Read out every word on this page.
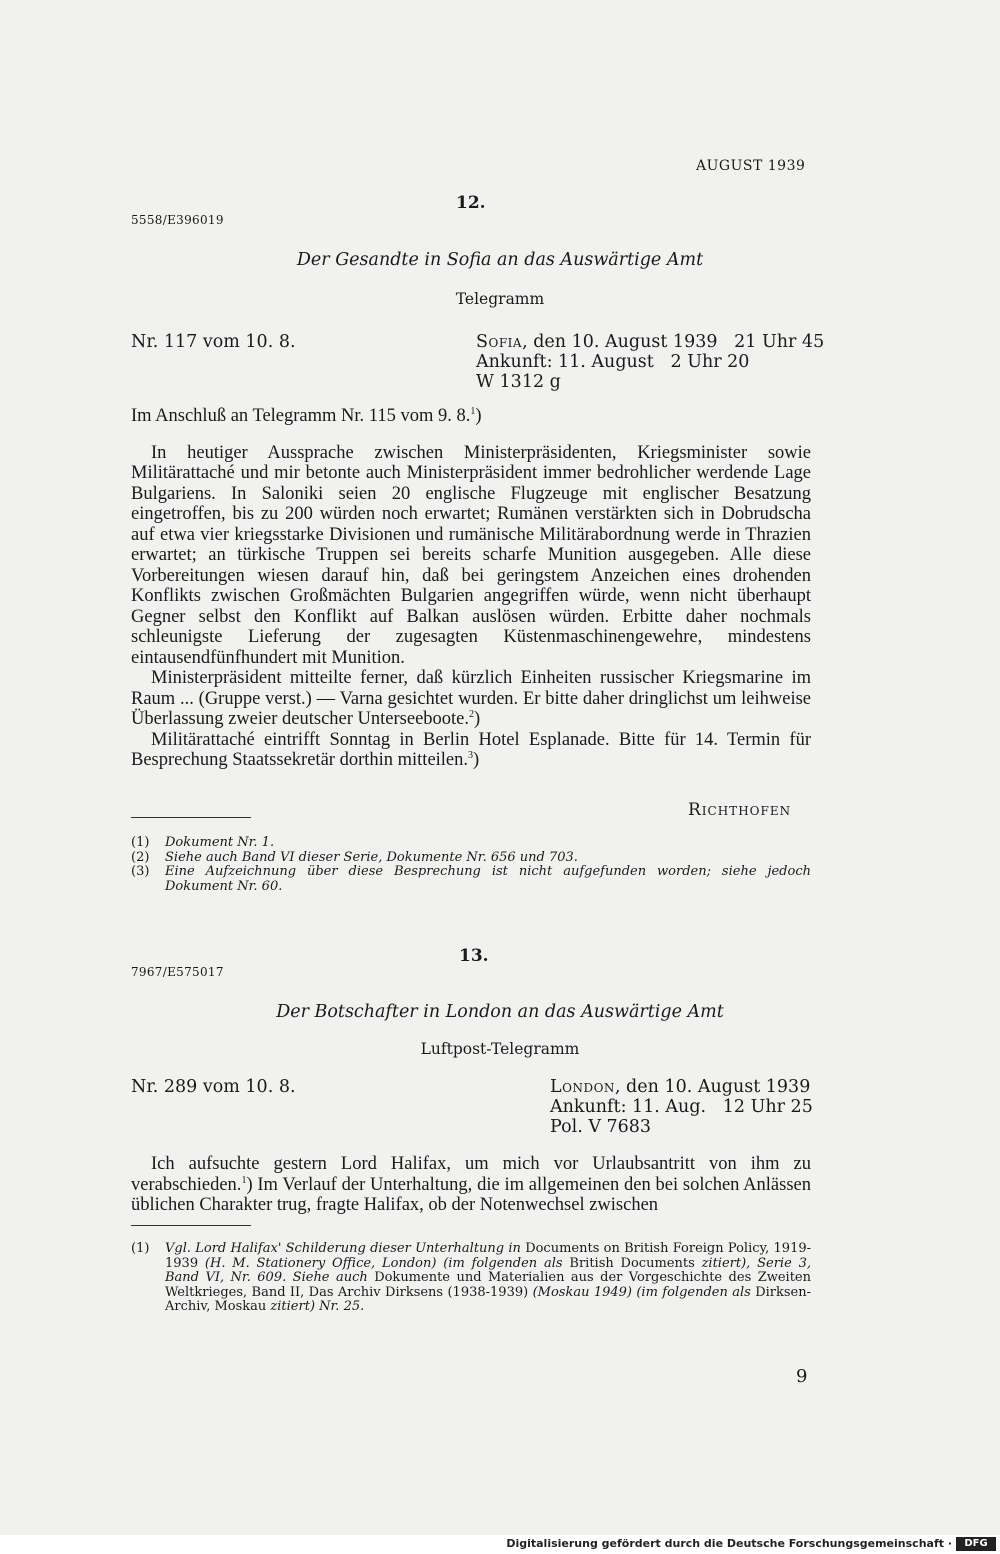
AUGUST 1939
12.
5558/E396019
Der Gesandte in Sofia an das Auswärtige Amt
Telegramm
Nr. 117 vom 10. 8.	Sofia, den 10. August 1939   21 Uhr 45
Ankunft: 11. August   2 Uhr 20
W 1312 g

Im Anschluß an Telegramm Nr. 115 vom 9. 8.$^1$)

In heutiger Aussprache zwischen Ministerpräsidenten, Kriegsminister sowie Militärattaché und mir betonte auch Ministerpräsident immer bedrohlicher werdende Lage Bulgariens. In Saloniki seien 20 englische Flugzeuge mit englischer Besatzung eingetroffen, bis zu 200 würden noch erwartet; Rumänen verstärkten sich in Dobrudscha auf etwa vier kriegsstarke Divisionen und rumänische Militärabordnung werde in Thrazien erwartet; an türkische Truppen sei bereits scharfe Munition ausgegeben. Alle diese Vorbereitungen wiesen darauf hin, daß bei geringstem Anzeichen eines drohenden Konflikts zwischen Großmächten Bulgarien angegriffen würde, wenn nicht überhaupt Gegner selbst den Konflikt auf Balkan auslösen würden. Erbitte daher nochmals schleunigste Lieferung der zugesagten Küstenmaschinengewehre, mindestens eintausendfünfhundert mit Munition.

Ministerpräsident mitteilte ferner, daß kürzlich Einheiten russischer Kriegsmarine im Raum ... (Gruppe verst.) — Varna gesichtet wurden. Er bitte daher dringlichst um leihweise Überlassung zweier deutscher Unterseeboote.$^2$)

Militärattaché eintrifft Sonntag in Berlin Hotel Esplanade. Bitte für 14. Termin für Besprechung Staatssekretär dorthin mitteilen.$^3$)

Richthofen
(1)	Dokument Nr. 1.
(2)	Siehe auch Band VI dieser Serie, Dokumente Nr. 656 und 703.
(3)	Eine Aufzeichnung über diese Besprechung ist nicht aufgefunden worden; siehe jedoch Dokument Nr. 60.
13.
7967/E575017
Der Botschafter in London an das Auswärtige Amt
Luftpost-Telegramm
Nr. 289 vom 10. 8.	London, den 10. August 1939
Ankunft: 11. Aug.   12 Uhr 25
Pol. V 7683

Ich aufsuchte gestern Lord Halifax, um mich vor Urlaubsantritt von ihm zu verabschieden.$^1$) Im Verlauf der Unterhaltung, die im allgemeinen den bei solchen Anlässen üblichen Charakter trug, fragte Halifax, ob der Notenwechsel zwischen

(1)	Vgl. Lord Halifax' Schilderung dieser Unterhaltung in Documents on British Foreign Policy, 1919-1939 (H. M. Stationery Office, London) (im folgenden als British Documents zitiert), Serie 3, Band VI, Nr. 609. Siehe auch Dokumente und Materialien aus der Vorgeschichte des Zweiten Weltkrieges, Band II, Das Archiv Dirksens (1938-1939) (Moskau 1949) (im folgenden als Dirksen-Archiv, Moskau zitiert) Nr. 25.
9
Digitalisierung gefördert durch die Deutsche Forschungsgemeinschaft ·	DFG
